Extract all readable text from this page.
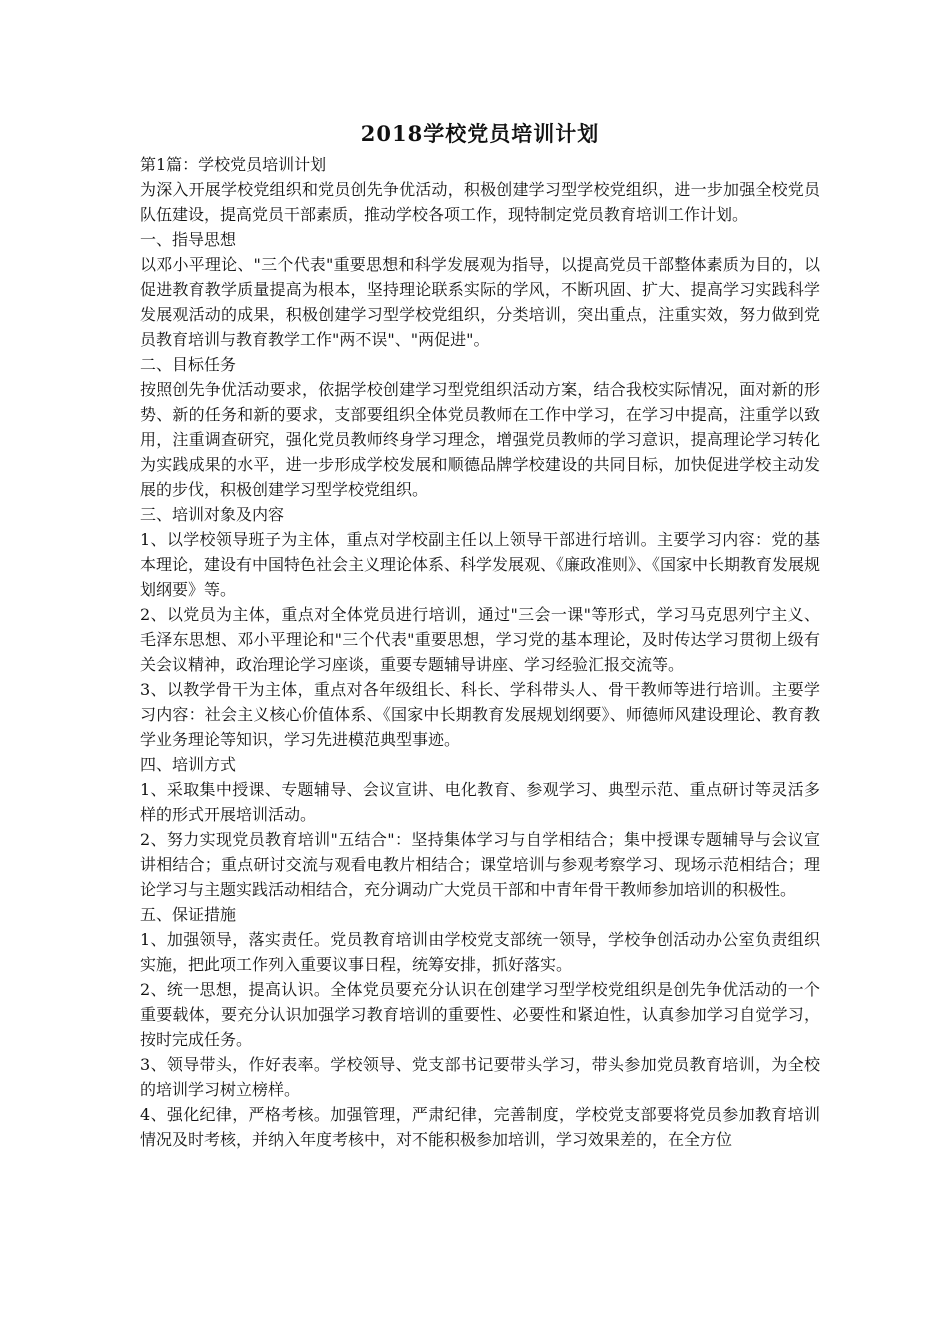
2018学校党员培训计划

第1篇：学校党员培训计划

为深入开展学校党组织和党员创先争优活动，积极创建学习型学校党组织，进一步加强全校党员队伍建设，提高党员干部素质，推动学校各项工作，现特制定党员教育培训工作计划。

一、指导思想

以邓小平理论、"三个代表"重要思想和科学发展观为指导，以提高党员干部整体素质为目的，以促进教育教学质量提高为根本，坚持理论联系实际的学风，不断巩固、扩大、提高学习实践科学发展观活动的成果，积极创建学习型学校党组织，分类培训，突出重点，注重实效，努力做到党员教育培训与教育教学工作"两不误"、"两促进"。

二、目标任务

按照创先争优活动要求，依据学校创建学习型党组织活动方案，结合我校实际情况，面对新的形势、新的任务和新的要求，支部要组织全体党员教师在工作中学习，在学习中提高，注重学以致用，注重调查研究，强化党员教师终身学习理念，增强党员教师的学习意识，提高理论学习转化为实践成果的水平，进一步形成学校发展和顺德品牌学校建设的共同目标，加快促进学校主动发展的步伐，积极创建学习型学校党组织。

三、培训对象及内容

1、以学校领导班子为主体，重点对学校副主任以上领导干部进行培训。主要学习内容：党的基本理论，建设有中国特色社会主义理论体系、科学发展观、《廉政准则》、《国家中长期教育发展规划纲要》等。

2、以党员为主体，重点对全体党员进行培训，通过"三会一课"等形式，学习马克思列宁主义、毛泽东思想、邓小平理论和"三个代表"重要思想，学习党的基本理论，及时传达学习贯彻上级有关会议精神，政治理论学习座谈，重要专题辅导讲座、学习经验汇报交流等。

3、以教学骨干为主体，重点对各年级组长、科长、学科带头人、骨干教师等进行培训。主要学习内容：社会主义核心价值体系、《国家中长期教育发展规划纲要》、师德师风建设理论、教育教学业务理论等知识，学习先进模范典型事迹。

四、培训方式

1、采取集中授课、专题辅导、会议宣讲、电化教育、参观学习、典型示范、重点研讨等灵活多样的形式开展培训活动。

2、努力实现党员教育培训"五结合"：坚持集体学习与自学相结合；集中授课专题辅导与会议宣讲相结合；重点研讨交流与观看电教片相结合；课堂培训与参观考察学习、现场示范相结合；理论学习与主题实践活动相结合，充分调动广大党员干部和中青年骨干教师参加培训的积极性。

五、保证措施

1、加强领导，落实责任。党员教育培训由学校党支部统一领导，学校争创活动办公室负责组织实施，把此项工作列入重要议事日程，统筹安排，抓好落实。

2、统一思想，提高认识。全体党员要充分认识在创建学习型学校党组织是创先争优活动的一个重要载体，要充分认识加强学习教育培训的重要性、必要性和紧迫性，认真参加学习自觉学习，按时完成任务。

3、领导带头，作好表率。学校领导、党支部书记要带头学习，带头参加党员教育培训，为全校的培训学习树立榜样。

4、强化纪律，严格考核。加强管理，严肃纪律，完善制度，学校党支部要将党员参加教育培训情况及时考核，并纳入年度考核中，对不能积极参加培训，学习效果差的，在全方位
